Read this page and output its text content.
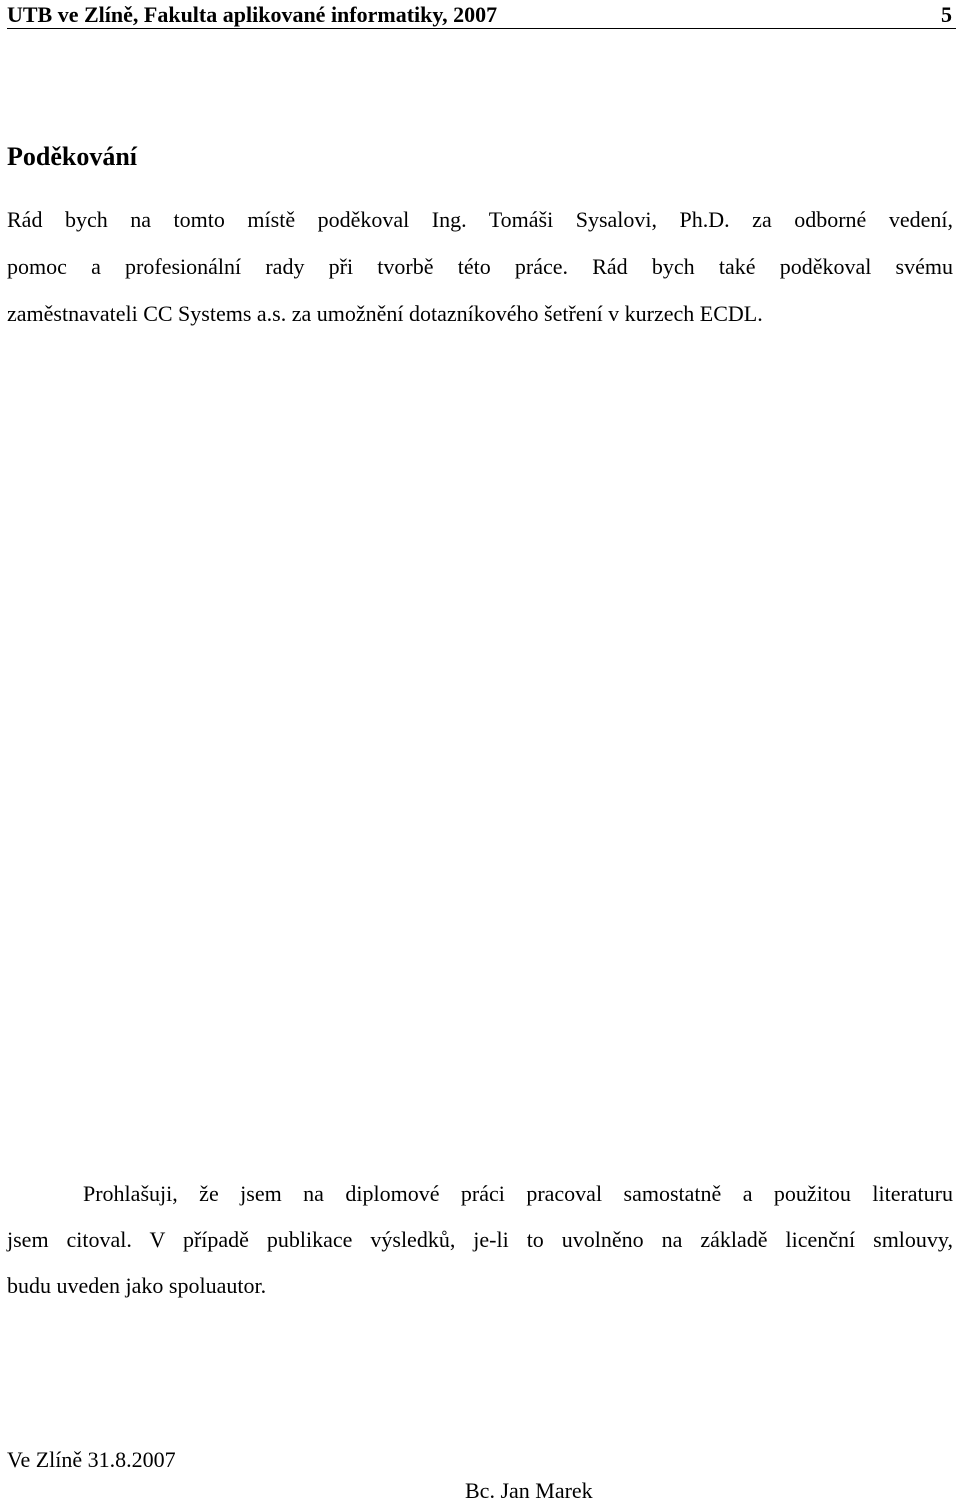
UTB ve Zlíně, Fakulta aplikované informatiky, 2007	5
Poděkování
Rád bych na tomto místě poděkoval Ing. Tomáši Sysalovi, Ph.D. za odborné vedení,
pomoc a profesionální rady při tvorbě této práce. Rád bych také poděkoval svému
zaměstnavateli CC Systems a.s. za umožnění dotazníkového šetření v kurzech ECDL.
Prohlašuji, že jsem na diplomové práci pracoval samostatně a použitou literaturu
jsem citoval. V případě publikace výsledků, je-li to uvolněno na základě licenční smlouvy,
budu uveden jako spoluautor.
Ve Zlíně 31.8.2007
Bc. Jan Marek
